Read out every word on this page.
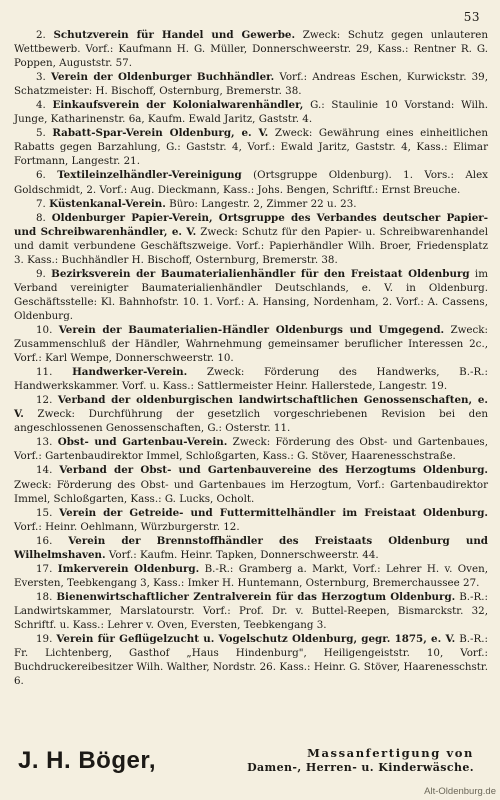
53

2. Schutzverein für Handel und Gewerbe. Zweck: Schutz gegen unlauteren Wettbewerb. Vorf.: Kaufmann H. G. Müller, Donnerschweerstr. 29, Kass.: Rentner R. G. Poppen, Auguststr. 57.

3. Verein der Oldenburger Buchhändler. Vorf.: Andreas Eschen, Kurwickstr. 39, Schatzmeister: H. Bischoff, Osternburg, Bremerstr. 38.

4. Einkaufsverein der Kolonialwarenhändler, G.: Staulinie 10 Vorstand: Wilh. Junge, Katharinenstr. 6a, Kaufm. Ewald Jaritz, Gaststr. 4.

5. Rabatt-Spar-Verein Oldenburg, e. V. Zweck: Gewährung eines einheitlichen Rabatts gegen Barzahlung, G.: Gaststr. 4, Vorf.: Ewald Jaritz, Gaststr. 4, Kass.: Elimar Fortmann, Langestr. 21.

6. Textileinzelhändler-Vereinigung (Ortsgruppe Oldenburg). 1. Vors.: Alex Goldschmidt, 2. Vorf.: Aug. Dieckmann, Kass.: Johs. Bengen, Schriftf.: Ernst Breuche.

7. Küstenkanal-Verein. Büro: Langestr. 2, Zimmer 22 u. 23.

8. Oldenburger Papier-Verein, Ortsgruppe des Verbandes deutscher Papier- und Schreibwarenhändler, e. V. Zweck: Schutz für den Papier- u. Schreibwarenhandel und damit verbundene Geschäftszweige. Vorf.: Papierhändler Wilh. Broer, Friedensplatz 3. Kass.: Buchhändler H. Bischoff, Osternburg, Bremerstr. 38.

9. Bezirksverein der Baumaterialienhändler für den Freistaat Oldenburg im Verband vereinigter Baumaterialienhändler Deutschlands, e. V. in Oldenburg. Geschäftsstelle: Kl. Bahnhofstr. 10. 1. Vorf.: A. Hansing, Nordenham, 2. Vorf.: A. Cassens, Oldenburg.

10. Verein der Baumaterialien-Händler Oldenburgs und Umgegend. Zweck: Zusammenschluß der Händler, Wahrnehmung gemeinsamer beruflicher Interessen 2c., Vorf.: Karl Wempe, Donnerschweerstr. 10.

11. Handwerker-Verein. Zweck: Förderung des Handwerks, B.-R.: Handwerkskammer. Vorf. u. Kass.: Sattlermeister Heinr. Hallerstede, Langestr. 19.

12. Verband der oldenburgischen landwirtschaftlichen Genossenschaften, e. V. Zweck: Durchführung der gesetzlich vorgeschriebenen Revision bei den angeschlossenen Genossenschaften, G.: Osterstr. 11.

13. Obst- und Gartenbau-Verein. Zweck: Förderung des Obst- und Gartenbaues, Vorf.: Gartenbaudirektor Immel, Schloßgarten, Kass.: G. Stöver, Haarenesschstraße.

14. Verband der Obst- und Gartenbauvereine des Herzogtums Oldenburg. Zweck: Förderung des Obst- und Gartenbaues im Herzogtum, Vorf.: Gartenbaudirektor Immel, Schloßgarten, Kass.: G. Lucks, Ocholt.

15. Verein der Getreide- und Futtermittelhändler im Freistaat Oldenburg. Vorf.: Heinr. Oehlmann, Würzburgerstr. 12.

16. Verein der Brennstoffhändler des Freistaats Oldenburg und Wilhelmshaven. Vorf.: Kaufm. Heinr. Tapken, Donnerschweerstr. 44.

17. Imkerverein Oldenburg. B.-R.: Gramberg a. Markt, Vorf.: Lehrer H. v. Oven, Eversten, Teebkengang 3, Kass.: Imker H. Huntemann, Osternburg, Bremerchaussee 27.

18. Bienenwirtschaftlicher Zentralverein für das Herzogtum Oldenburg. B.-R.: Landwirtskammer, Marslatourstr. Vorf.: Prof. Dr. v. Buttel-Reepen, Bismarckstr. 32, Schriftf. u. Kass.: Lehrer v. Oven, Eversten, Teebkengang 3.

19. Verein für Geflügelzucht u. Vogelschutz Oldenburg, gegr. 1875, e. V. B.-R.: Fr. Lichtenberg, Gasthof „Haus Hindenburg", Heiligengeiststr. 10, Vorf.: Buchdruckereibesitzer Wilh. Walther, Nordstr. 26. Kass.: Heinr. G. Stöver, Haarenesschstr. 6.

J. H. Böger,	Massanfertigung von
Damen-, Herren- u. Kinderwäsche.
Alt-Oldenburg.de
